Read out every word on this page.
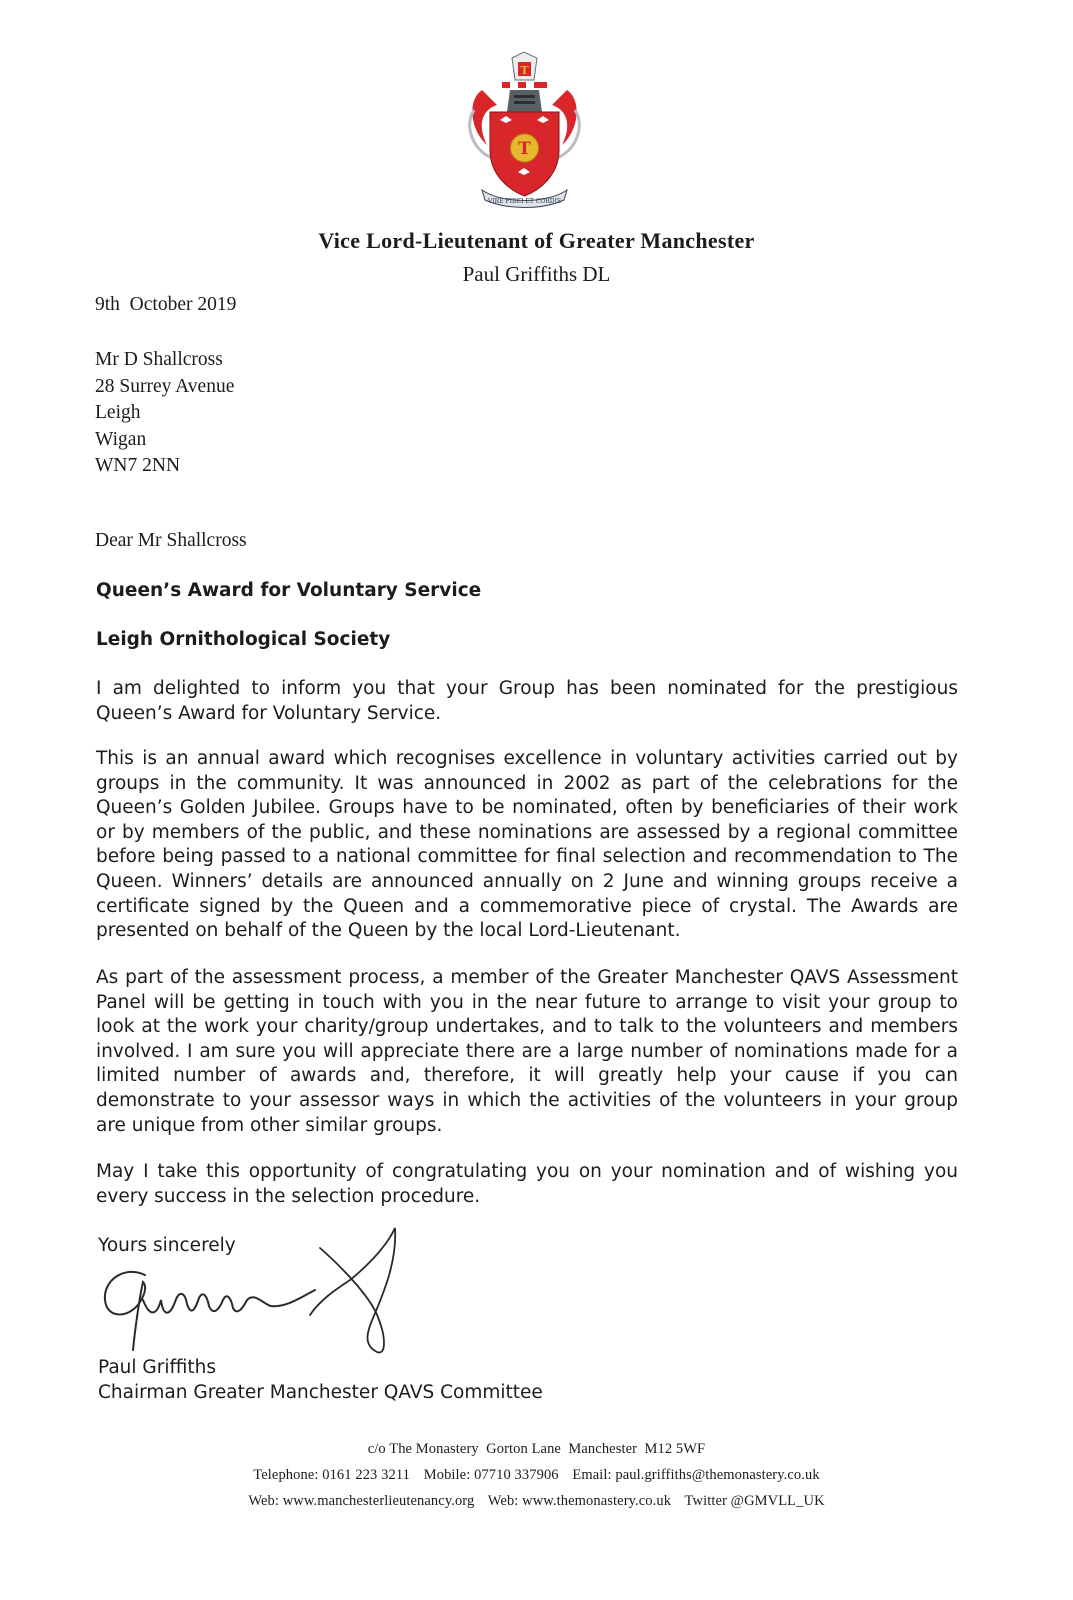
T
T
VIRE FIDEI ET CORDIS
Vice Lord-Lieutenant of Greater Manchester
Paul Griffiths DL
9th  October 2019
Mr D Shallcross
28 Surrey Avenue
Leigh
Wigan
WN7 2NN
Dear Mr Shallcross
Queen’s Award for Voluntary Service
Leigh Ornithological Society
I am delighted to inform you that your Group has been nominated for the prestigious Queen’s Award for Voluntary Service.
This is an annual award which recognises excellence in voluntary activities carried out by groups in the community. It was announced in 2002 as part of the celebrations for the Queen’s Golden Jubilee. Groups have to be nominated, often by beneficiaries of their work or by members of the public, and these nominations are assessed by a regional committee before being passed to a national committee for final selection and recommendation to The Queen. Winners’ details are announced annually on 2 June and winning groups receive a certificate signed by the Queen and a commemorative piece of crystal. The Awards are presented on behalf of the Queen by the local Lord-Lieutenant.
As part of the assessment process, a member of the Greater Manchester QAVS Assessment Panel will be getting in touch with you in the near future to arrange to visit your group to look at the work your charity/group undertakes, and to talk to the volunteers and members involved. I am sure you will appreciate there are a large number of nominations made for a limited number of awards and, therefore, it will greatly help your cause if you can demonstrate to your assessor ways in which the activities of the volunteers in your group are unique from other similar groups.
May I take this opportunity of congratulating you on your nomination and of wishing you every success in the selection procedure.
Yours sincerely
Paul Griffiths
Chairman Greater Manchester QAVS Committee
c/o The Monastery  Gorton Lane  Manchester  M12 5WF
Telephone: 0161 223 3211 Mobile: 07710 337906 Email: paul.griffiths@themonastery.co.uk
Web: www.manchesterlieutenancy.org Web: www.themonastery.co.uk Twitter @GMVLL_UK
